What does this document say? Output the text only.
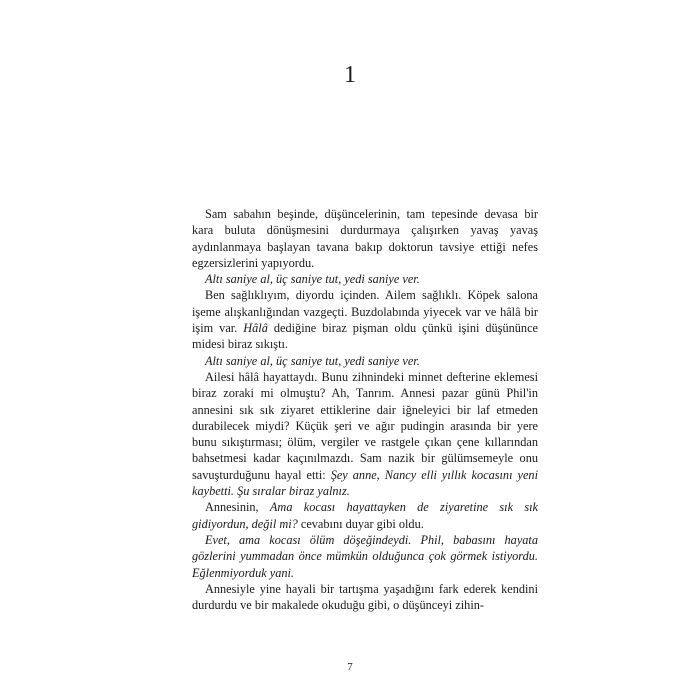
1

Sam sabahın beşinde, düşüncelerinin, tam tepesinde devasa bir kara buluta dönüşmesini durdurmaya çalışırken yavaş yavaş aydınlanmaya başlayan tavana bakıp doktorun tavsiye ettiği nefes egzersizlerini yapıyordu.

Altı saniye al, üç saniye tut, yedi saniye ver.

Ben sağlıklıyım, diyordu içinden. Ailem sağlıklı. Köpek salona işeme alışkanlığından vazgeçti. Buzdolabında yiyecek var ve hâlâ bir işim var. Hâlâ dediğine biraz pişman oldu çünkü işini düşününce midesi biraz sıkıştı.

Altı saniye al, üç saniye tut, yedi saniye ver.

Ailesi hâlâ hayattaydı. Bunu zihnindeki minnet defterine eklemesi biraz zoraki mi olmuştu? Ah, Tanrım. Annesi pazar günü Phil'in annesini sık sık ziyaret ettiklerine dair iğneleyici bir laf etmeden durabilecek miydi? Küçük şeri ve ağır pudingin arasında bir yere bunu sıkıştırması; ölüm, vergiler ve rastgele çıkan çene kıllarından bahsetmesi kadar kaçınılmazdı. Sam nazik bir gülümsemeyle onu savuşturduğunu hayal etti: Şey anne, Nancy elli yıllık kocasını yeni kaybetti. Şu sıralar biraz yalnız.

Annesinin, Ama kocası hayattayken de ziyaretine sık sık gidiyordun, değil mi? cevabını duyar gibi oldu.

Evet, ama kocası ölüm döşeğindeydi. Phil, babasını hayata gözlerini yummadan önce mümkün olduğunca çok görmek istiyordu. Eğlenmiyorduk yani.

Annesiyle yine hayali bir tartışma yaşadığını fark ederek kendini durdurdu ve bir makalede okuduğu gibi, o düşünceyi zihin-

7
